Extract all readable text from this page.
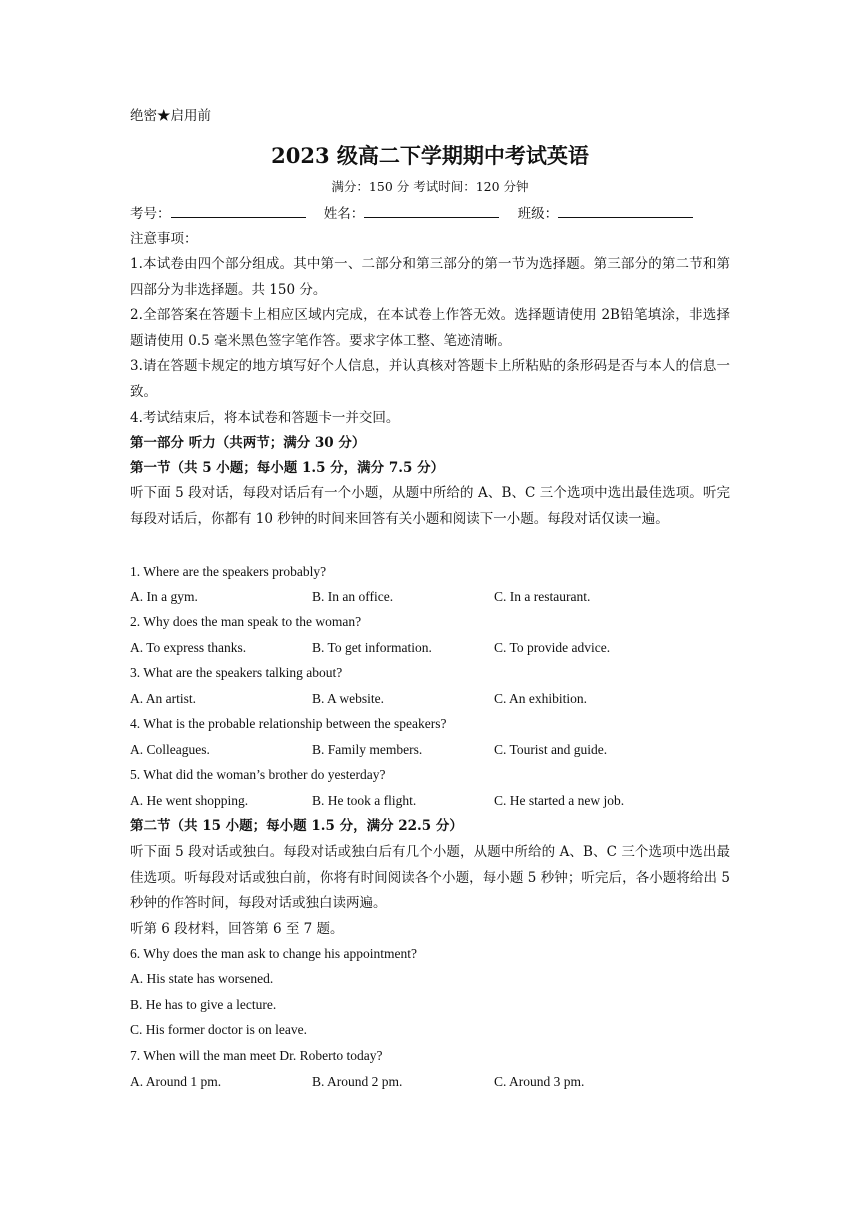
绝密★启用前
2023 级高二下学期期中考试英语
满分：150 分 考试时间：120 分钟
考号：	姓名：	班级：
注意事项：
1.本试卷由四个部分组成。其中第一、二部分和第三部分的第一节为选择题。第三部分的第二节和第四部分为非选择题。共 150 分。
2.全部答案在答题卡上相应区域内完成，在本试卷上作答无效。选择题请使用 2B铅笔填涂，非选择题请使用 0.5 毫米黑色签字笔作答。要求字体工整、笔迹清晰。
3.请在答题卡规定的地方填写好个人信息，并认真核对答题卡上所粘贴的条形码是否与本人的信息一致。
4.考试结束后，将本试卷和答题卡一并交回。
第一部分 听力（共两节；满分 30 分）
第一节（共 5 小题；每小题 1.5 分，满分 7.5 分）
听下面 5 段对话，每段对话后有一个小题，从题中所给的 A、B、C 三个选项中选出最佳选项。听完每段对话后，你都有 10 秒钟的时间来回答有关小题和阅读下一小题。每段对话仅读一遍。
1. Where are the speakers probably?
A. In a gym.	B. In an office.	C. In a restaurant.
2. Why does the man speak to the woman?
A. To express thanks.	B. To get information.	C. To provide advice.
3. What are the speakers talking about?
A. An artist.	B. A website.	C. An exhibition.
4. What is the probable relationship between the speakers?
A. Colleagues.	B. Family members.	C. Tourist and guide.
5. What did the woman’s brother do yesterday?
A. He went shopping.	B. He took a flight.	C. He started a new job.
第二节（共 15 小题；每小题 1.5 分，满分 22.5 分）
听下面 5 段对话或独白。每段对话或独白后有几个小题，从题中所给的 A、B、C 三个选项中选出最佳选项。听每段对话或独白前，你将有时间阅读各个小题，每小题 5 秒钟；听完后，各小题将给出 5 秒钟的作答时间，每段对话或独白读两遍。
听第 6 段材料，回答第 6 至 7 题。
6. Why does the man ask to change his appointment?
A. His state has worsened.
B. He has to give a lecture.
C. His former doctor is on leave.
7. When will the man meet Dr. Roberto today?
A. Around 1 pm.	B. Around 2 pm.	C. Around 3 pm.
